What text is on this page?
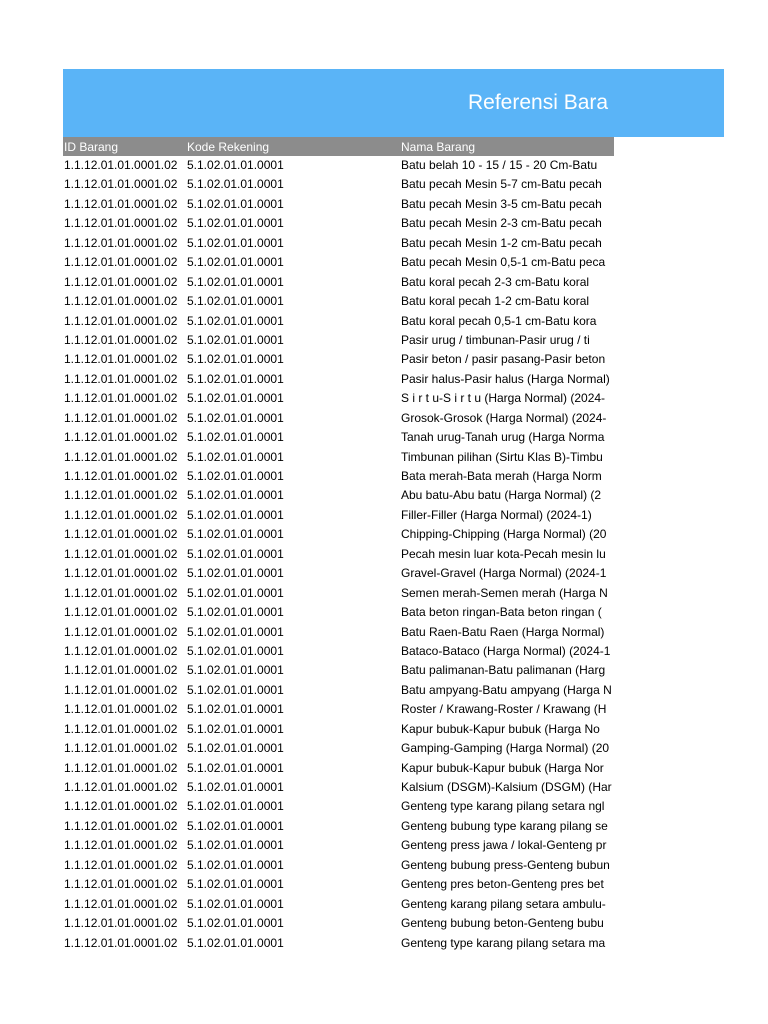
Referensi Bara
ID Barang	Kode Rekening	Nama Barang
1.1.12.01.01.0001.02 5.1.02.01.01.0001	Batu belah 10 - 15 / 15 - 20 Cm-Batu
1.1.12.01.01.0001.02 5.1.02.01.01.0001	Batu pecah Mesin 5-7 cm-Batu pecah
1.1.12.01.01.0001.02 5.1.02.01.01.0001	Batu pecah Mesin 3-5 cm-Batu pecah
1.1.12.01.01.0001.02 5.1.02.01.01.0001	Batu pecah Mesin 2-3 cm-Batu pecah
1.1.12.01.01.0001.02 5.1.02.01.01.0001	Batu pecah Mesin 1-2 cm-Batu pecah
1.1.12.01.01.0001.02 5.1.02.01.01.0001	Batu pecah Mesin 0,5-1 cm-Batu peca
1.1.12.01.01.0001.02 5.1.02.01.01.0001	Batu koral pecah 2-3 cm-Batu koral
1.1.12.01.01.0001.02 5.1.02.01.01.0001	Batu koral pecah 1-2 cm-Batu koral
1.1.12.01.01.0001.02 5.1.02.01.01.0001	Batu koral pecah 0,5-1 cm-Batu kora
1.1.12.01.01.0001.02 5.1.02.01.01.0001	Pasir urug / timbunan-Pasir urug / ti
1.1.12.01.01.0001.02 5.1.02.01.01.0001	Pasir beton / pasir pasang-Pasir beton
1.1.12.01.01.0001.02 5.1.02.01.01.0001	Pasir halus-Pasir halus (Harga Normal)
1.1.12.01.01.0001.02 5.1.02.01.01.0001	S i r t u-S i r t u (Harga Normal) (2024-
1.1.12.01.01.0001.02 5.1.02.01.01.0001	Grosok-Grosok (Harga Normal) (2024-
1.1.12.01.01.0001.02 5.1.02.01.01.0001	Tanah urug-Tanah urug (Harga Norma
1.1.12.01.01.0001.02 5.1.02.01.01.0001	Timbunan pilihan (Sirtu Klas B)-Timbu
1.1.12.01.01.0001.02 5.1.02.01.01.0001	Bata merah-Bata merah (Harga Norm
1.1.12.01.01.0001.02 5.1.02.01.01.0001	Abu batu-Abu batu (Harga Normal) (2
1.1.12.01.01.0001.02 5.1.02.01.01.0001	Filler-Filler (Harga Normal) (2024-1)
1.1.12.01.01.0001.02 5.1.02.01.01.0001	Chipping-Chipping (Harga Normal) (20
1.1.12.01.01.0001.02 5.1.02.01.01.0001	Pecah mesin luar kota-Pecah mesin lu
1.1.12.01.01.0001.02 5.1.02.01.01.0001	Gravel-Gravel (Harga Normal) (2024-1
1.1.12.01.01.0001.02 5.1.02.01.01.0001	Semen merah-Semen merah (Harga N
1.1.12.01.01.0001.02 5.1.02.01.01.0001	Bata beton ringan-Bata beton ringan (
1.1.12.01.01.0001.02 5.1.02.01.01.0001	Batu Raen-Batu Raen (Harga Normal)
1.1.12.01.01.0001.02 5.1.02.01.01.0001	Bataco-Bataco (Harga Normal) (2024-1
1.1.12.01.01.0001.02 5.1.02.01.01.0001	Batu palimanan-Batu palimanan (Harg
1.1.12.01.01.0001.02 5.1.02.01.01.0001	Batu ampyang-Batu ampyang (Harga N
1.1.12.01.01.0001.02 5.1.02.01.01.0001	Roster / Krawang-Roster / Krawang (H
1.1.12.01.01.0001.02 5.1.02.01.01.0001	Kapur bubuk-Kapur bubuk (Harga No
1.1.12.01.01.0001.02 5.1.02.01.01.0001	Gamping-Gamping (Harga Normal) (20
1.1.12.01.01.0001.02 5.1.02.01.01.0001	Kapur bubuk-Kapur bubuk (Harga Nor
1.1.12.01.01.0001.02 5.1.02.01.01.0001	Kalsium (DSGM)-Kalsium (DSGM) (Har
1.1.12.01.01.0001.02 5.1.02.01.01.0001	Genteng type karang pilang setara ngl
1.1.12.01.01.0001.02 5.1.02.01.01.0001	Genteng bubung type karang pilang se
1.1.12.01.01.0001.02 5.1.02.01.01.0001	Genteng press jawa / lokal-Genteng pr
1.1.12.01.01.0001.02 5.1.02.01.01.0001	Genteng bubung press-Genteng bubun
1.1.12.01.01.0001.02 5.1.02.01.01.0001	Genteng pres beton-Genteng pres bet
1.1.12.01.01.0001.02 5.1.02.01.01.0001	Genteng karang pilang setara ambulu-
1.1.12.01.01.0001.02 5.1.02.01.01.0001	Genteng bubung beton-Genteng bubu
1.1.12.01.01.0001.02 5.1.02.01.01.0001	Genteng type karang pilang setara ma
